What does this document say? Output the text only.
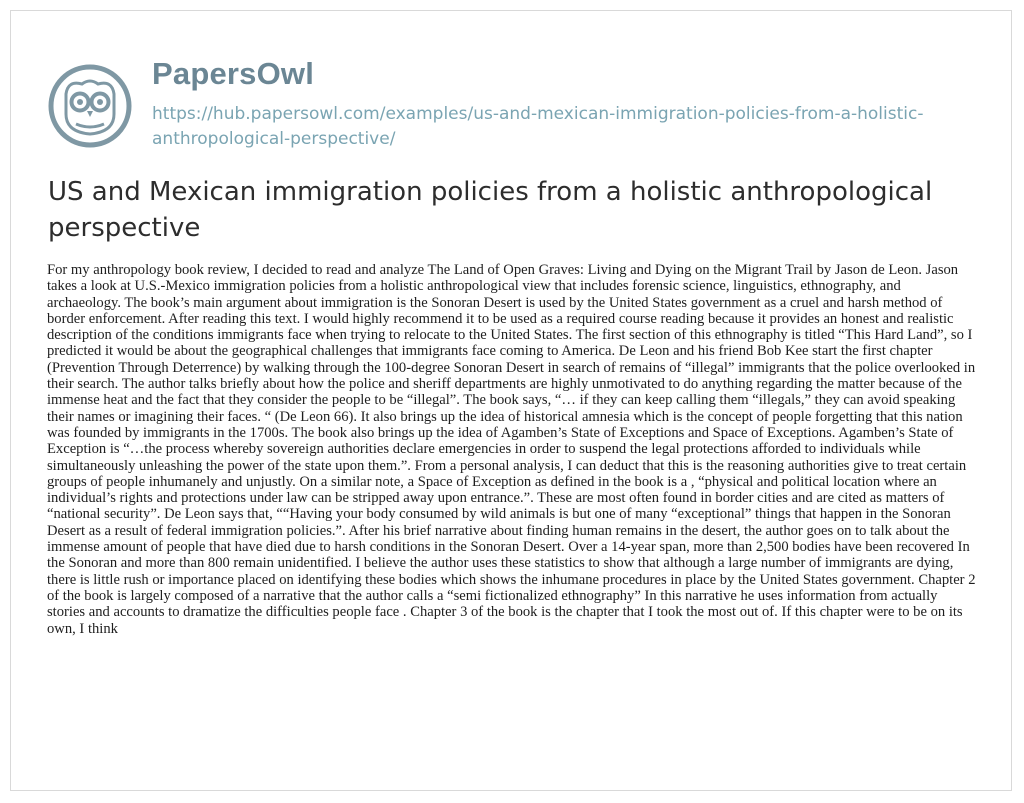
PapersOwl
https://hub.papersowl.com/examples/us-and-mexican-immigration-policies-from-a-holistic-anthropological-perspective/
US and Mexican immigration policies from a holistic anthropological perspective

For my anthropology book review, I decided to read and analyze The Land of Open Graves: Living and Dying on the Migrant Trail by Jason de Leon. Jason takes a look at U.S.-Mexico immigration policies from a holistic anthropological view that includes forensic science, linguistics, ethnography, and archaeology. The book’s main argument about immigration is the Sonoran Desert is used by the United States government as a cruel and harsh method of border enforcement. After reading this text. I would highly recommend it to be used as a required course reading because it provides an honest and realistic description of the conditions immigrants face when trying to relocate to the United States. The first section of this ethnography is titled “This Hard Land”, so I predicted it would be about the geographical challenges that immigrants face coming to America. De Leon and his friend Bob Kee start the first chapter (Prevention Through Deterrence) by walking through the 100-degree Sonoran Desert in search of remains of “illegal” immigrants that the police overlooked in their search. The author talks briefly about how the police and sheriff departments are highly unmotivated to do anything regarding the matter because of the immense heat and the fact that they consider the people to be “illegal”. The book says, “… if they can keep calling them “illegals,” they can avoid speaking their names or imagining their faces. “ (De Leon 66). It also brings up the idea of historical amnesia which is the concept of people forgetting that this nation was founded by immigrants in the 1700s. The book also brings up the idea of Agamben’s State of Exceptions and Space of Exceptions. Agamben’s State of Exception is “…the process whereby sovereign authorities declare emergencies in order to suspend the legal protections afforded to individuals while simultaneously unleashing the power of the state upon them.”. From a personal analysis, I can deduct that this is the reasoning authorities give to treat certain groups of people inhumanely and unjustly. On a similar note, a Space of Exception as defined in the book is a , “physical and political location where an individual’s rights and protections under law can be stripped away upon entrance.”. These are most often found in border cities and are cited as matters of “national security”. De Leon says that, ““Having your body consumed by wild animals is but one of many “exceptional” things that happen in the Sonoran Desert as a result of federal immigration policies.”. After his brief narrative about finding human remains in the desert, the author goes on to talk about the immense amount of people that have died due to harsh conditions in the Sonoran Desert. Over a 14-year span, more than 2,500 bodies have been recovered In the Sonoran and more than 800 remain unidentified. I believe the author uses these statistics to show that although a large number of immigrants are dying, there is little rush or importance placed on identifying these bodies which shows the inhumane procedures in place by the United States government. Chapter 2 of the book is largely composed of a narrative that the author calls a “semi fictionalized ethnography” In this narrative he uses information from actually stories and accounts to dramatize the difficulties people face . Chapter 3 of the book is the chapter that I took the most out of. If this chapter were to be on its own, I think
